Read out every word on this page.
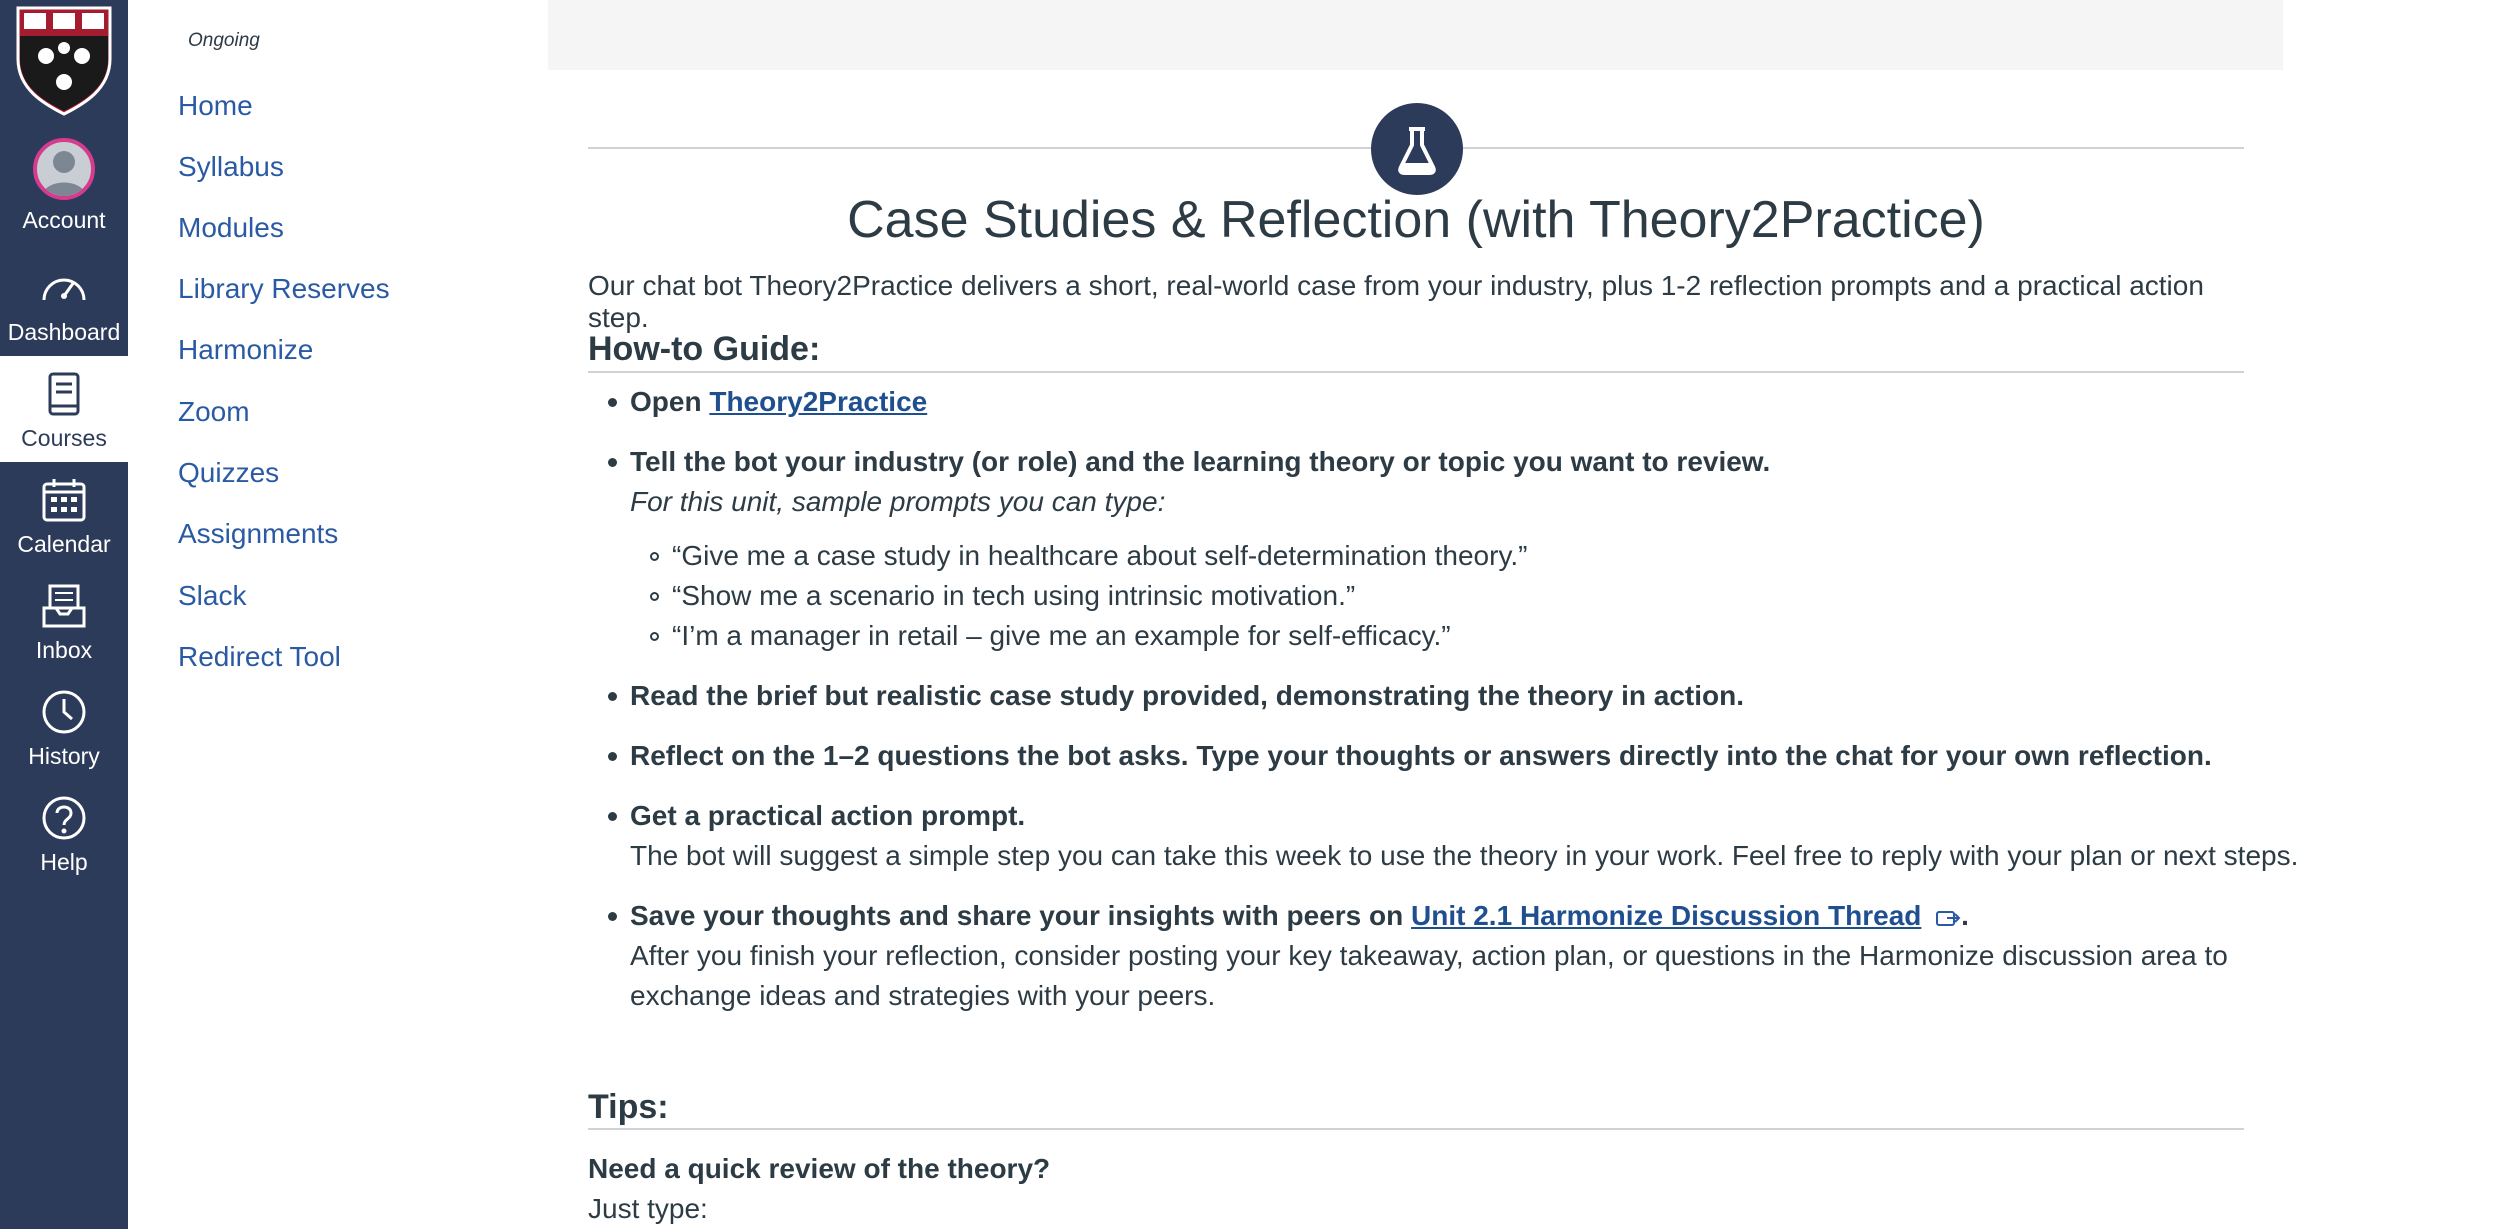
Account
Dashboard
Courses
Calendar
Inbox
History
Help
Ongoing
Home
Syllabus
Modules
Library Reserves
Harmonize
Zoom
Quizzes
Assignments
Slack
Redirect Tool
Case Studies & Reflection (with Theory2Practice)
Our chat bot Theory2Practice delivers a short, real-world case from your industry, plus 1-2 reflection prompts and a practical action step.
How-to Guide:
Open Theory2Practice
Tell the bot your industry (or role) and the learning theory or topic you want to review.
For this unit, sample prompts you can type:
“Give me a case study in healthcare about self-determination theory.”
“Show me a scenario in tech using intrinsic motivation.”
“I’m a manager in retail – give me an example for self-efficacy.”
Read the brief but realistic case study provided, demonstrating the theory in action.
Reflect on the 1–2 questions the bot asks. Type your thoughts or answers directly into the chat for your own reflection.
Get a practical action prompt.
The bot will suggest a simple step you can take this week to use the theory in your work. Feel free to reply with your plan or next steps.
Save your thoughts and share your insights with peers on Unit 2.1 Harmonize Discussion Thread .
After you finish your reflection, consider posting your key takeaway, action plan, or questions in the Harmonize discussion area to
exchange ideas and strategies with your peers.
Tips:
Need a quick review of the theory?
Just type:
